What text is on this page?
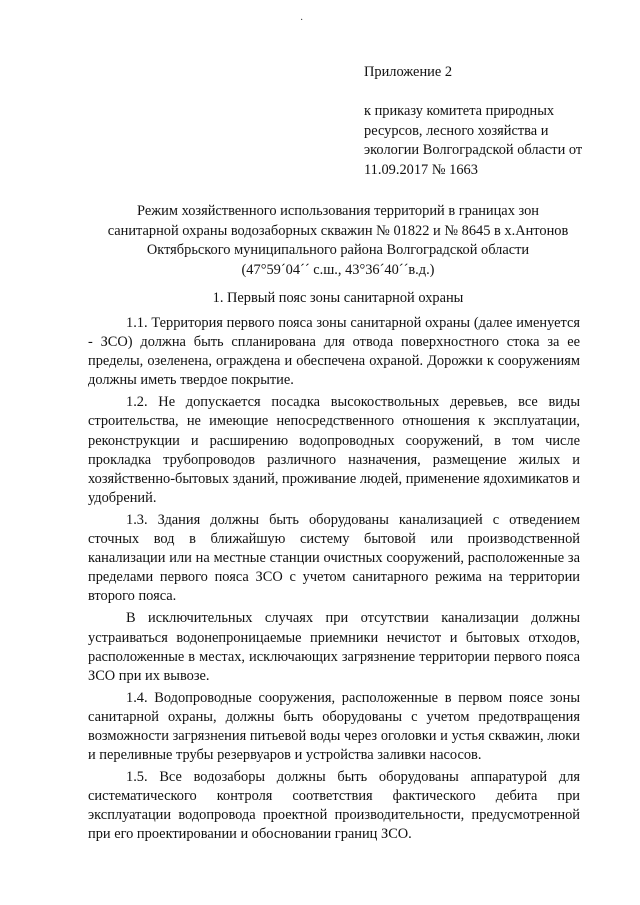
·

Приложение 2

к приказу комитета природных ресурсов, лесного хозяйства и экологии Волгоградской области от 11.09.2017 № 1663

Режим хозяйственного использования территорий в границах зон
санитарной охраны водозаборных скважин № 01822 и № 8645 в х.Антонов
Октябрьского муниципального района Волгоградской области
(47°59´04´´ с.ш., 43°36´40´´в.д.)
1. Первый пояс зоны санитарной охраны

1.1. Территория первого пояса зоны санитарной охраны (далее именуется - ЗСО) должна быть спланирована для отвода поверхностного стока за ее пределы, озеленена, ограждена и обеспечена охраной. Дорожки к сооружениям должны иметь твердое покрытие.

1.2. Не допускается посадка высокоствольных деревьев, все виды строительства, не имеющие непосредственного отношения к эксплуатации, реконструкции и расширению водопроводных сооружений, в том числе прокладка трубопроводов различного назначения, размещение жилых и хозяйственно-бытовых зданий, проживание людей, применение ядохимикатов и удобрений.

1.3. Здания должны быть оборудованы канализацией с отведением сточных вод в ближайшую систему бытовой или производственной канализации или на местные станции очистных сооружений, расположенные за пределами первого пояса ЗСО с учетом санитарного режима на территории второго пояса.

В исключительных случаях при отсутствии канализации должны устраиваться водонепроницаемые приемники нечистот и бытовых отходов, расположенные в местах, исключающих загрязнение территории первого пояса ЗСО при их вывозе.

1.4. Водопроводные сооружения, расположенные в первом поясе зоны санитарной охраны, должны быть оборудованы с учетом предотвращения возможности загрязнения питьевой воды через оголовки и устья скважин, люки и переливные трубы резервуаров и устройства заливки насосов.

1.5. Все водозаборы должны быть оборудованы аппаратурой для систематического контроля соответствия фактического дебита при эксплуатации водопровода проектной производительности, предусмотренной при его проектировании и обосновании границ ЗСО.
